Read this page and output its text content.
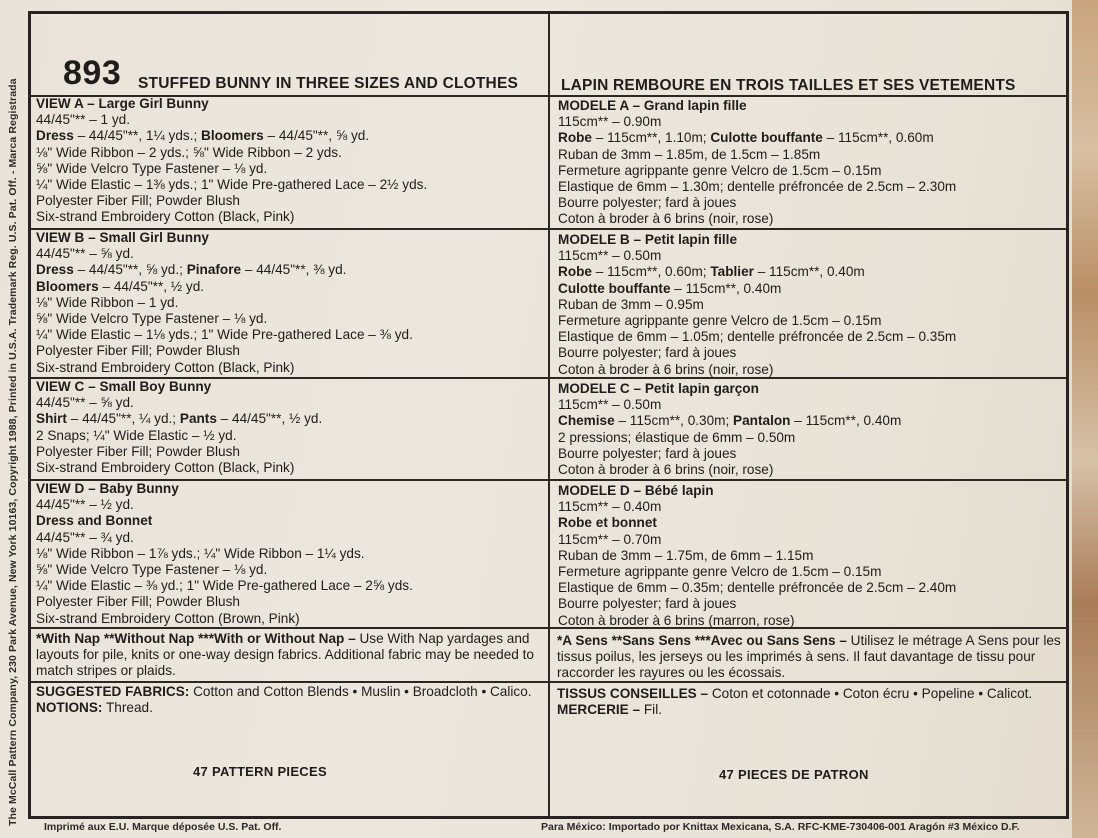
The McCall Pattern Company, 230 Park Avenue, New York 10163, Copyright 1988, Printed in U.S.A. Trademark Reg. U.S. Pat. Off. - Marca Registrada
893 STUFFED BUNNY IN THREE SIZES AND CLOTHES	LAPIN REMBOURE EN TROIS TAILLES ET SES VETEMENTS
VIEW A – Large Girl Bunny
44/45"** – 1 yd.
Dress – 44/45"**, 1¼ yds.; Bloomers – 44/45"**, ⅝ yd.
⅛" Wide Ribbon – 2 yds.; ⅝" Wide Ribbon – 2 yds.
⅝" Wide Velcro Type Fastener – ⅛ yd.
¼" Wide Elastic – 1⅜ yds.; 1" Wide Pre-gathered Lace – 2½ yds.
Polyester Fiber Fill; Powder Blush
Six-strand Embroidery Cotton (Black, Pink)
VIEW B – Small Girl Bunny
44/45"** – ⅝ yd.
Dress – 44/45"**, ⅝ yd.; Pinafore – 44/45"**, ⅜ yd.
Bloomers – 44/45"**, ½ yd.
⅛" Wide Ribbon – 1 yd.
⅝" Wide Velcro Type Fastener – ⅛ yd.
¼" Wide Elastic – 1⅛ yds.; 1" Wide Pre-gathered Lace – ⅜ yd.
Polyester Fiber Fill; Powder Blush
Six-strand Embroidery Cotton (Black, Pink)
VIEW C – Small Boy Bunny
44/45"** – ⅝ yd.
Shirt – 44/45"**, ¼ yd.; Pants – 44/45"**, ½ yd.
2 Snaps; ¼" Wide Elastic – ½ yd.
Polyester Fiber Fill; Powder Blush
Six-strand Embroidery Cotton (Black, Pink)
VIEW D – Baby Bunny
44/45"** – ½ yd.
Dress and Bonnet
44/45"** – ¾ yd.
⅛" Wide Ribbon – 1⅞ yds.; ¼" Wide Ribbon – 1¼ yds.
⅝" Wide Velcro Type Fastener – ⅛ yd.
¼" Wide Elastic – ⅜ yd.; 1" Wide Pre-gathered Lace – 2⅝ yds.
Polyester Fiber Fill; Powder Blush
Six-strand Embroidery Cotton (Brown, Pink)
*With Nap **Without Nap ***With or Without Nap – Use With Nap yardages and layouts for pile, knits or one-way design fabrics. Additional fabric may be needed to match stripes or plaids.
SUGGESTED FABRICS: Cotton and Cotton Blends • Muslin • Broadcloth • Calico.
NOTIONS: Thread.
47 PATTERN PIECES
MODELE A – Grand lapin fille
115cm** – 0.90m
Robe – 115cm**, 1.10m; Culotte bouffante – 115cm**, 0.60m
Ruban de 3mm – 1.85m, de 1.5cm – 1.85m
Fermeture agrippante genre Velcro de 1.5cm – 0.15m
Elastique de 6mm – 1.30m; dentelle préfroncée de 2.5cm – 2.30m
Bourre polyester; fard à joues
Coton à broder à 6 brins (noir, rose)
MODELE B – Petit lapin fille
115cm** – 0.50m
Robe – 115cm**, 0.60m; Tablier – 115cm**, 0.40m
Culotte bouffante – 115cm**, 0.40m
Ruban de 3mm – 0.95m
Fermeture agrippante genre Velcro de 1.5cm – 0.15m
Elastique de 6mm – 1.05m; dentelle préfroncée de 2.5cm – 0.35m
Bourre polyester; fard à joues
Coton à broder à 6 brins (noir, rose)
MODELE C – Petit lapin garçon
115cm** – 0.50m
Chemise – 115cm**, 0.30m; Pantalon – 115cm**, 0.40m
2 pressions; élastique de 6mm – 0.50m
Bourre polyester; fard à joues
Coton à broder à 6 brins (noir, rose)
MODELE D – Bébé lapin
115cm** – 0.40m
Robe et bonnet
115cm** – 0.70m
Ruban de 3mm – 1.75m, de 6mm – 1.15m
Fermeture agrippante genre Velcro de 1.5cm – 0.15m
Elastique de 6mm – 0.35m; dentelle préfroncée de 2.5cm – 2.40m
Bourre polyester; fard à joues
Coton à broder à 6 brins (marron, rose)
*A Sens **Sans Sens ***Avec ou Sans Sens – Utilisez le métrage A Sens pour les tissus poilus, les jerseys ou les imprimés à sens. Il faut davantage de tissu pour raccorder les rayures ou les écossais.
TISSUS CONSEILLES – Coton et cotonnade • Coton écru • Popeline • Calicot.
MERCERIE – Fil.
47 PIECES DE PATRON
Imprimé aux E.U. Marque déposée U.S. Pat. Off.	Para México: Importado por Knittax Mexicana, S.A. RFC-KME-730406-001 Aragón #3 México D.F.
